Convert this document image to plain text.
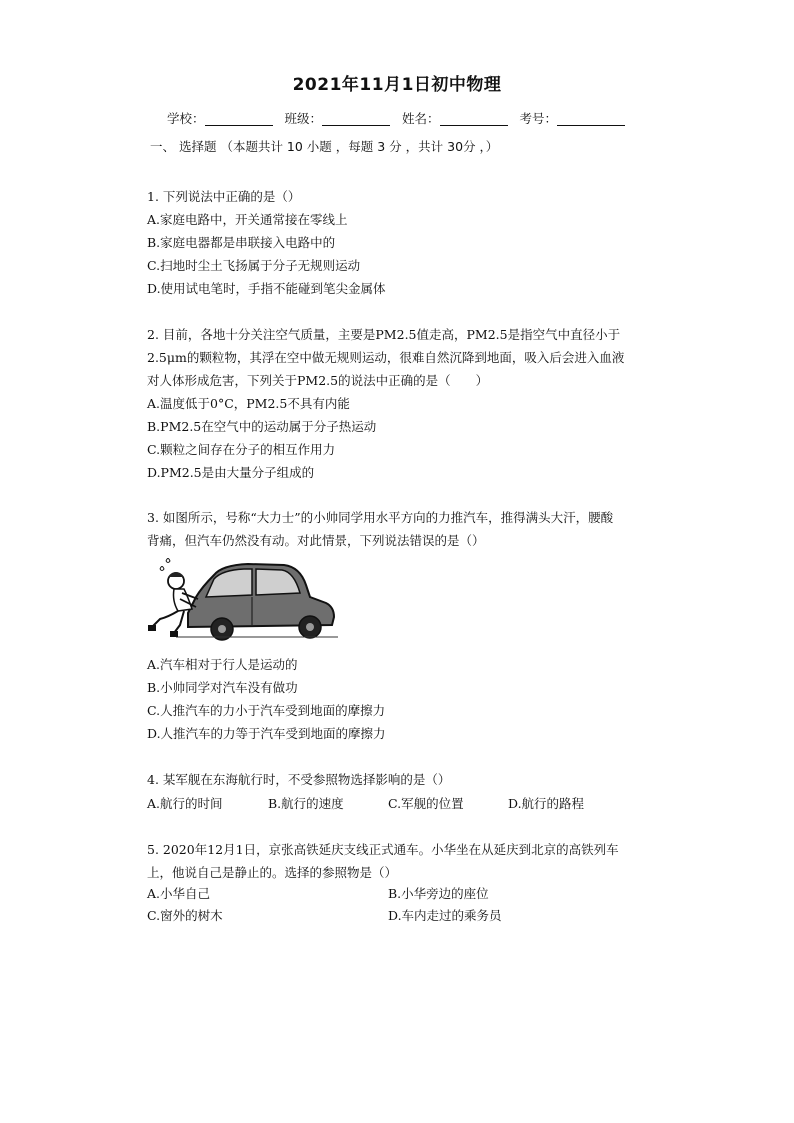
2021年11月1日初中物理
学校：	班级：	姓名：	考号：
一、 选择题 （本题共计 10 小题 ，每题 3 分 ，共计 30分 ，）
1. 下列说法中正确的是（）
A.家庭电路中，开关通常接在零线上
B.家庭电器都是串联接入电路中的
C.扫地时尘土飞扬属于分子无规则运动
D.使用试电笔时，手指不能碰到笔尖金属体
2. 目前，各地十分关注空气质量，主要是PM2.5值走高，PM2.5是指空气中直径小于
2.5μm的颗粒物，其浮在空中做无规则运动，很难自然沉降到地面，吸入后会进入血液
对人体形成危害，下列关于PM2.5的说法中正确的是（　　）
A.温度低于0°C，PM2.5不具有内能
B.PM2.5在空气中的运动属于分子热运动
C.颗粒之间存在分子的相互作用力
D.PM2.5是由大量分子组成的
3. 如图所示，号称“大力士”的小帅同学用水平方向的力推汽车，推得满头大汗，腰酸
背痛，但汽车仍然没有动。对此情景，下列说法错误的是（）
A.汽车相对于行人是运动的
B.小帅同学对汽车没有做功
C.人推汽车的力小于汽车受到地面的摩擦力
D.人推汽车的力等于汽车受到地面的摩擦力
4. 某军舰在东海航行时，不受参照物选择影响的是（）
A.航行的时间	B.航行的速度	C.军舰的位置	D.航行的路程
5. 2020年12月1日，京张高铁延庆支线正式通车。小华坐在从延庆到北京的高铁列车
上，他说自己是静止的。选择的参照物是（）
A.小华自己	B.小华旁边的座位
C.窗外的树木	D.车内走过的乘务员
